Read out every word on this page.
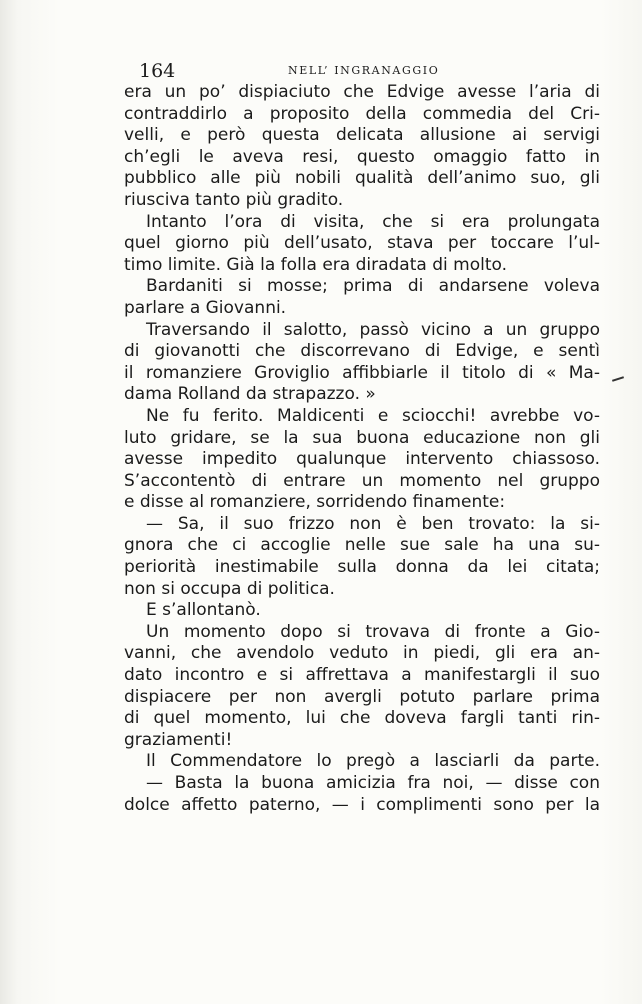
164	NELL’ INGRANAGGIO
era un po’ dispiaciuto che Edvige avesse l’aria di
contraddirlo a proposito della commedia del Cri-
velli, e però questa delicata allusione ai servigi
ch’egli le aveva resi, questo omaggio fatto in
pubblico alle più nobili qualità dell’animo suo, gli
riusciva tanto più gradito.
Intanto l’ora di visita, che si era prolungata
quel giorno più dell’usato, stava per toccare l’ul-
timo limite. Già la folla era diradata di molto.
Bardaniti si mosse; prima di andarsene voleva
parlare a Giovanni.
Traversando il salotto, passò vicino a un gruppo
di giovanotti che discorrevano di Edvige, e sentì
il romanziere Groviglio affibbiarle il titolo di « Ma-
dama Rolland da strapazzo. »
Ne fu ferito. Maldicenti e sciocchi! avrebbe vo-
luto gridare, se la sua buona educazione non gli
avesse impedito qualunque intervento chiassoso.
S’accontentò di entrare un momento nel gruppo
e disse al romanziere, sorridendo finamente:
— Sa, il suo frizzo non è ben trovato: la si-
gnora che ci accoglie nelle sue sale ha una su-
periorità inestimabile sulla donna da lei citata;
non si occupa di politica.
E s’allontanò.
Un momento dopo si trovava di fronte a Gio-
vanni, che avendolo veduto in piedi, gli era an-
dato incontro e si affrettava a manifestargli il suo
dispiacere per non avergli potuto parlare prima
di quel momento, lui che doveva fargli tanti rin-
graziamenti!
Il Commendatore lo pregò a lasciarli da parte.
— Basta la buona amicizia fra noi, — disse con
dolce affetto paterno, — i complimenti sono per la
